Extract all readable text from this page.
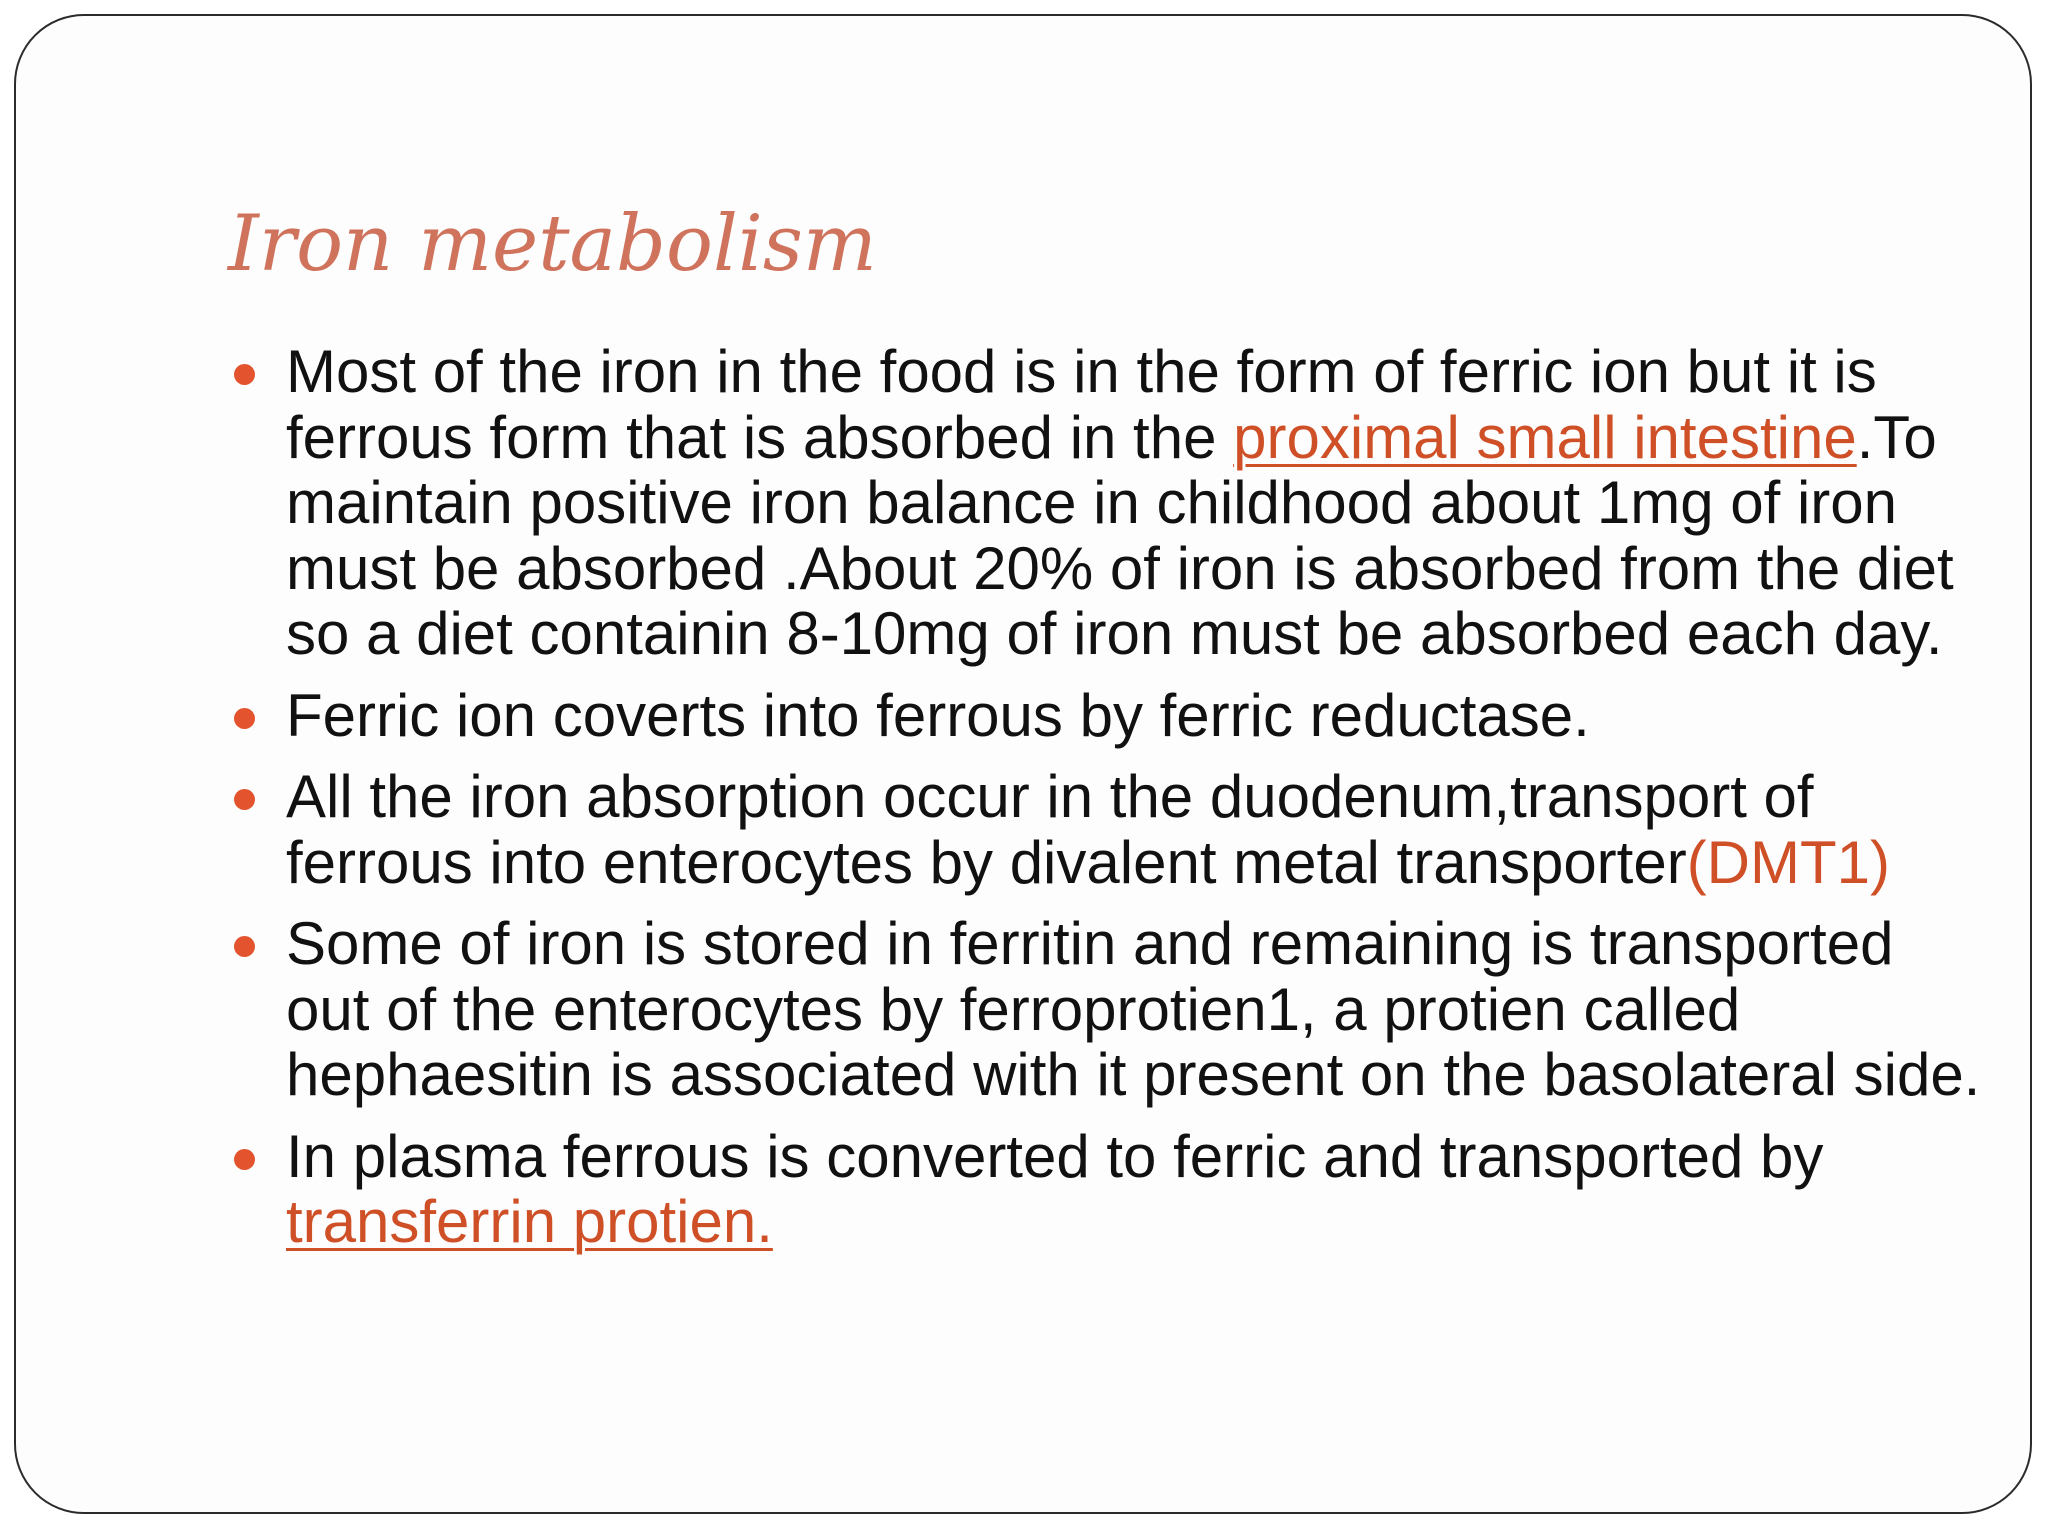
Iron metabolism
Most of the iron in the food is in the form of ferric ion but it is ferrous form that is absorbed in the proximal small intestine.To maintain positive iron balance in childhood about 1mg of iron must be absorbed .About 20% of iron is absorbed from the diet so a diet containin 8-10mg of iron must be absorbed each day.
Ferric ion coverts into ferrous by ferric reductase.
All the iron absorption occur in the duodenum,transport of ferrous into enterocytes by divalent metal transporter(DMT1)
Some of iron is stored in ferritin and remaining is transported out of the enterocytes by ferroprotien1, a protien called hephaesitin is associated with it present on the basolateral side.
In plasma ferrous is converted to ferric and transported by transferrin protien.
